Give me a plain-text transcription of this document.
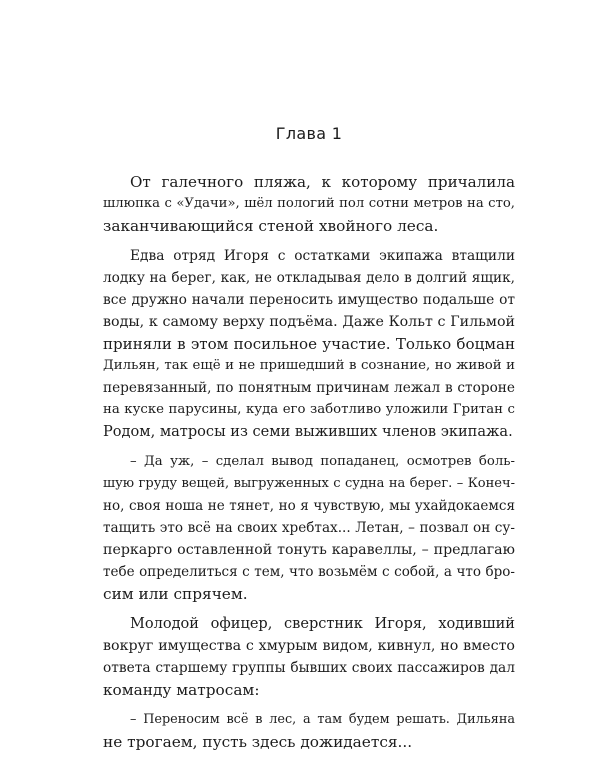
Глава 1

От галечного пляжа, к которому причалила
шлюпка с «Удачи», шёл пологий пол сотни метров на сто,
заканчивающийся стеной хвойного леса.

Едва отряд Игоря с остатками экипажа втащили
лодку на берег, как, не откладывая дело в долгий ящик,
все дружно начали переносить имущество подальше от
воды, к самому верху подъёма. Даже Кольт с Гильмой
приняли в этом посильное участие. Только боцман
Дильян, так ещё и не пришедший в сознание, но живой и
перевязанный, по понятным причинам лежал в стороне
на куске парусины, куда его заботливо уложили Гритан с
Родом, матросы из семи выживших членов экипажа.

– Да уж, – сделал вывод попаданец, осмотрев боль-
шую груду вещей, выгруженных с судна на берег. – Конеч-
но, своя ноша не тянет, но я чувствую, мы ухайдокаемся
тащить это всё на своих хребтах... Летан, – позвал он су-
перкарго оставленной тонуть каравеллы, – предлагаю
тебе определиться с тем, что возьмём с собой, а что бро-
сим или спрячем.

Молодой офицер, сверстник Игоря, ходивший
вокруг имущества с хмурым видом, кивнул, но вместо
ответа старшему группы бывших своих пассажиров дал
команду матросам:

– Переносим всё в лес, а там будем решать. Дильяна
не трогаем, пусть здесь дожидается...
